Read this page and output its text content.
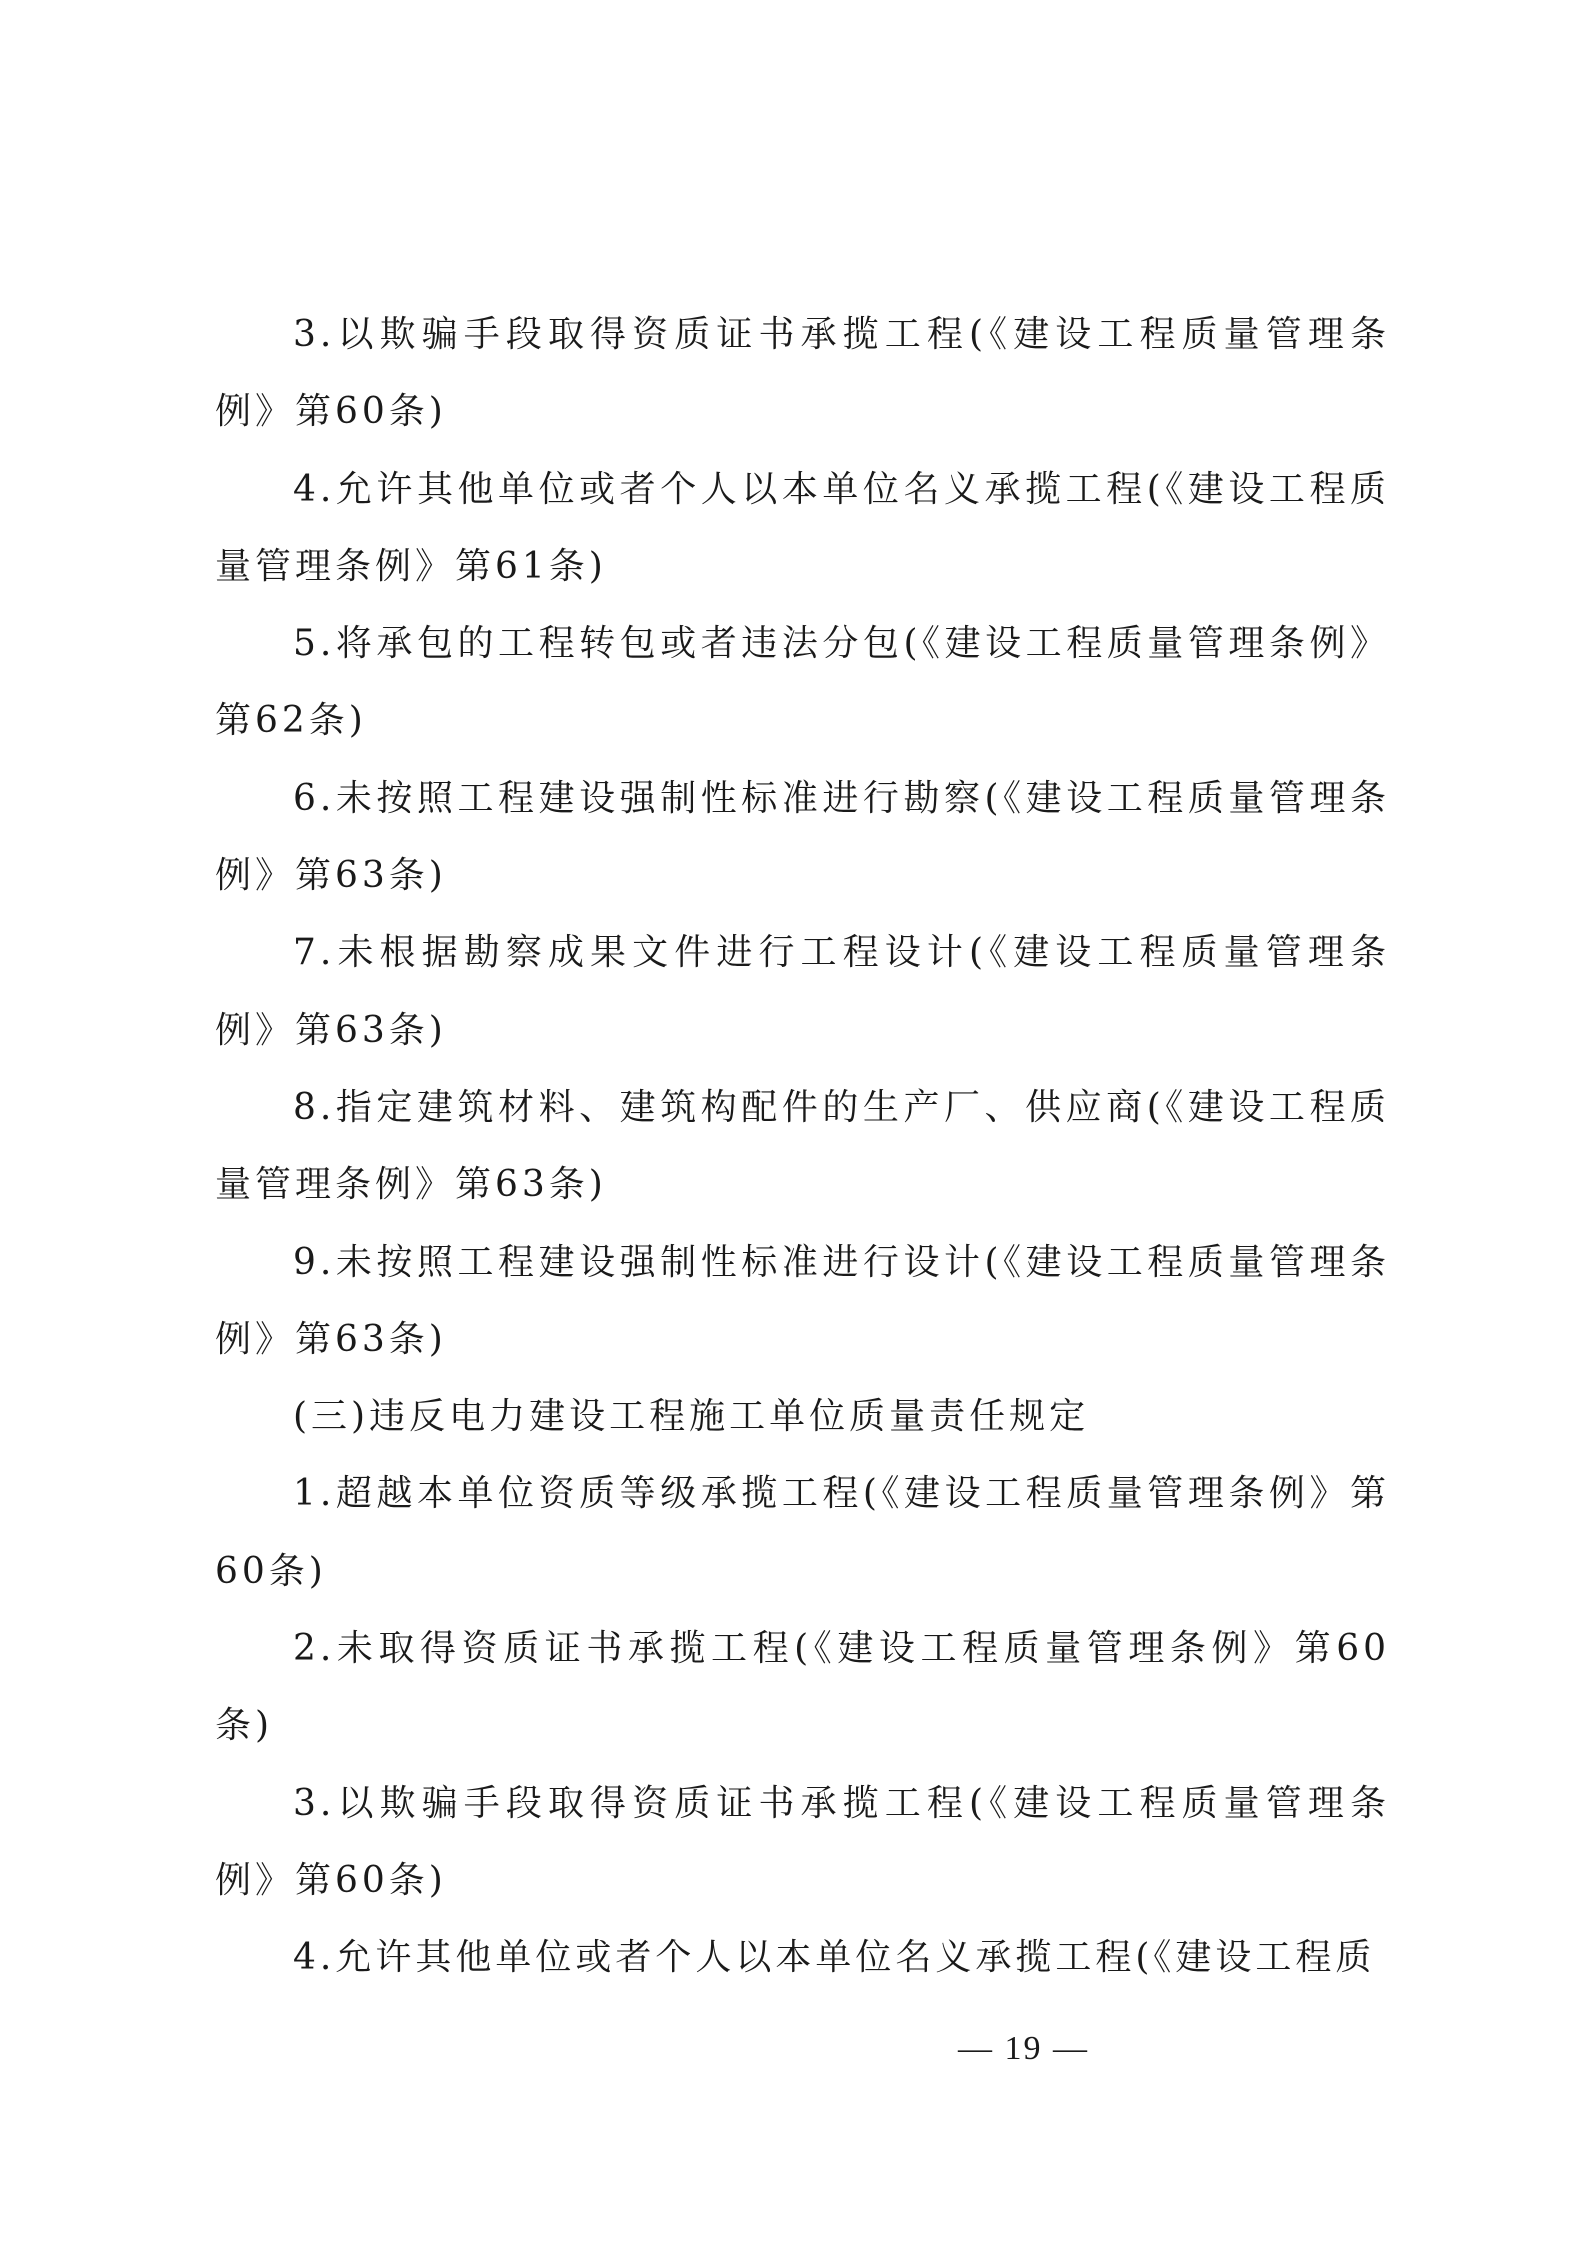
3.以欺骗手段取得资质证书承揽工程(《建设工程质量管理条例》第60条)

4.允许其他单位或者个人以本单位名义承揽工程(《建设工程质量管理条例》第61条)

5.将承包的工程转包或者违法分包(《建设工程质量管理条例》第62条)

6.未按照工程建设强制性标准进行勘察(《建设工程质量管理条例》第63条)

7.未根据勘察成果文件进行工程设计(《建设工程质量管理条例》第63条)

8.指定建筑材料、建筑构配件的生产厂、供应商(《建设工程质量管理条例》第63条)

9.未按照工程建设强制性标准进行设计(《建设工程质量管理条例》第63条)

(三)违反电力建设工程施工单位质量责任规定

1.超越本单位资质等级承揽工程(《建设工程质量管理条例》第60条)

2.未取得资质证书承揽工程(《建设工程质量管理条例》第60条)

3.以欺骗手段取得资质证书承揽工程(《建设工程质量管理条例》第60条)

4.允许其他单位或者个人以本单位名义承揽工程(《建设工程质

— 19 —
